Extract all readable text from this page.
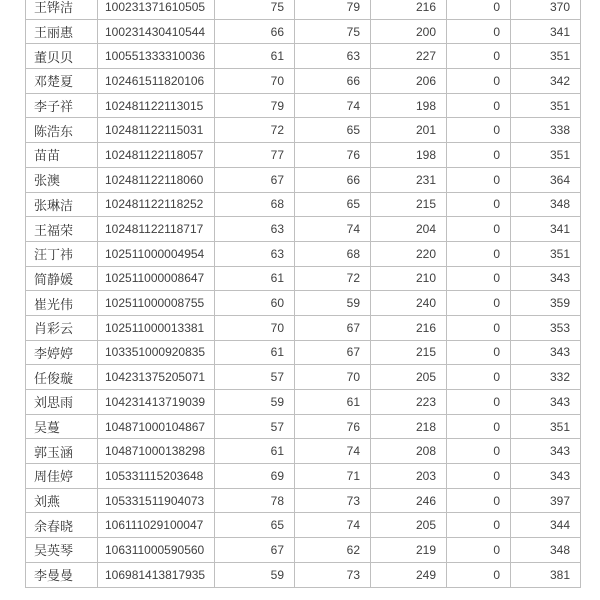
王铧洁	100231371610505	75	79	216	0	370
王丽惠	100231430410544	66	75	200	0	341
董贝贝	100551333310036	61	63	227	0	351
邓楚夏	102461511820106	70	66	206	0	342
李子祥	102481122113015	79	74	198	0	351
陈浩东	102481122115031	72	65	201	0	338
苗苗	102481122118057	77	76	198	0	351
张澳	102481122118060	67	66	231	0	364
张琳洁	102481122118252	68	65	215	0	348
王福荣	102481122118717	63	74	204	0	341
汪丁祎	102511000004954	63	68	220	0	351
简静媛	102511000008647	61	72	210	0	343
崔光伟	102511000008755	60	59	240	0	359
肖彩云	102511000013381	70	67	216	0	353
李婷婷	103351000920835	61	67	215	0	343
任俊璇	104231375205071	57	70	205	0	332
刘思雨	104231413719039	59	61	223	0	343
吴蔓	104871000104867	57	76	218	0	351
郭玉涵	104871000138298	61	74	208	0	343
周佳婷	105331115203648	69	71	203	0	343
刘燕	105331511904073	78	73	246	0	397
余春晓	106111029100047	65	74	205	0	344
吴英琴	106311000590560	67	62	219	0	348
李曼曼	106981413817935	59	73	249	0	381
